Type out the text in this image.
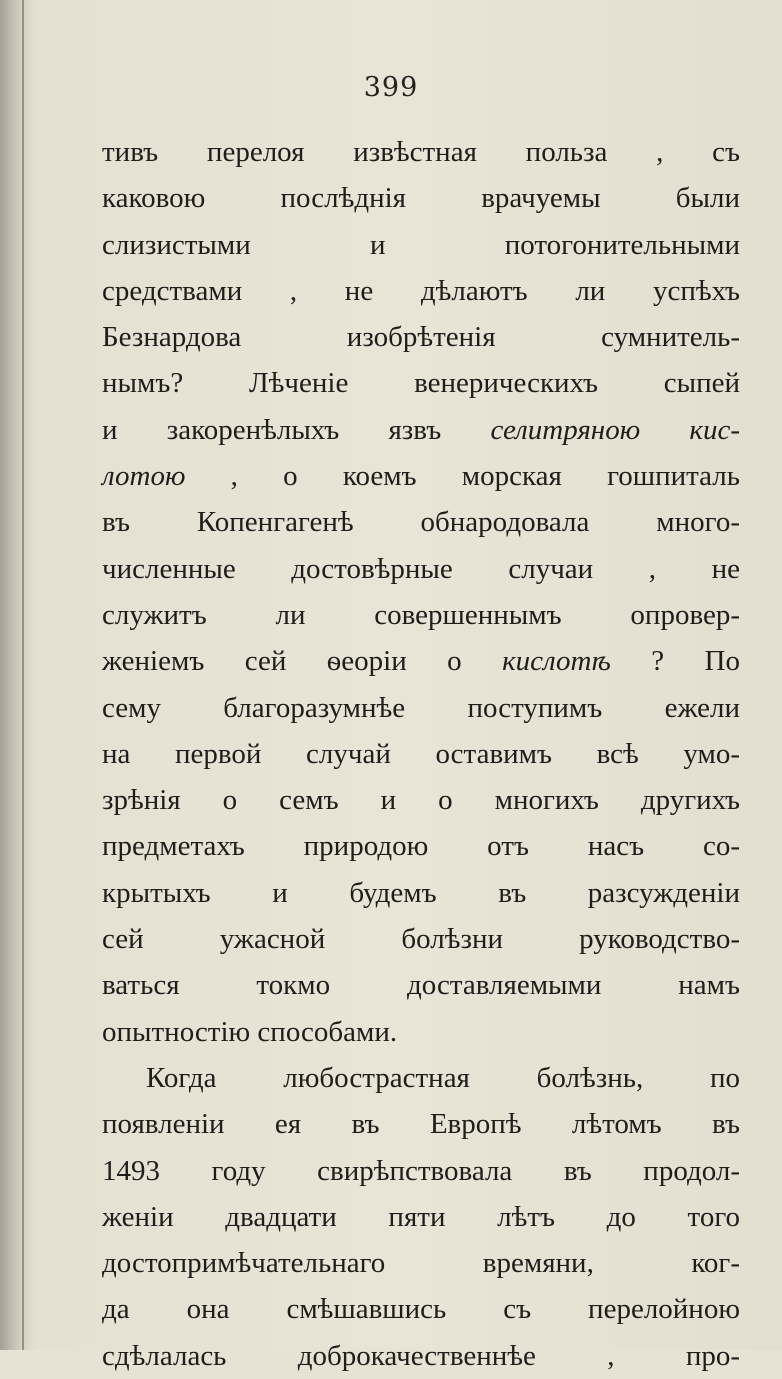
399
тивъ перелоя извѣстная польза , съ
каковою послѣднія врачуемы были
слизистыми и потогонительными
средствами , не дѣлаютъ ли успѣхъ
Безнардова изобрѣтенія сумнитель-
нымъ? Лѣченіе венерическихъ сыпей
и закоренѣлыхъ язвъ селитряною кис-
лотою , о коемъ морская гошпиталь
въ Копенгагенѣ обнародовала много-
численные достовѣрные случаи , не
служитъ ли совершеннымъ опровер-
женіемъ сей ѳеоріи о кислотѣ ? По
сему благоразумнѣе поступимъ ежели
на первой случай оставимъ всѣ умо-
зрѣнія о семъ и о многихъ другихъ
предметахъ природою отъ насъ со-
крытыхъ и будемъ въ разсужденіи
сей ужасной болѣзни руководство-
ваться токмо доставляемыми намъ
опытностію способами.
Когда любострастная болѣзнь, по
появленіи ея въ Европѣ лѣтомъ въ
1493 году свирѣпствовала въ продол-
женіи двадцати пяти лѣтъ до того
достопримѣчательнаго времяни, ког-
да она смѣшавшись съ перелойною
сдѣлалась доброкачественнѣе , про-
